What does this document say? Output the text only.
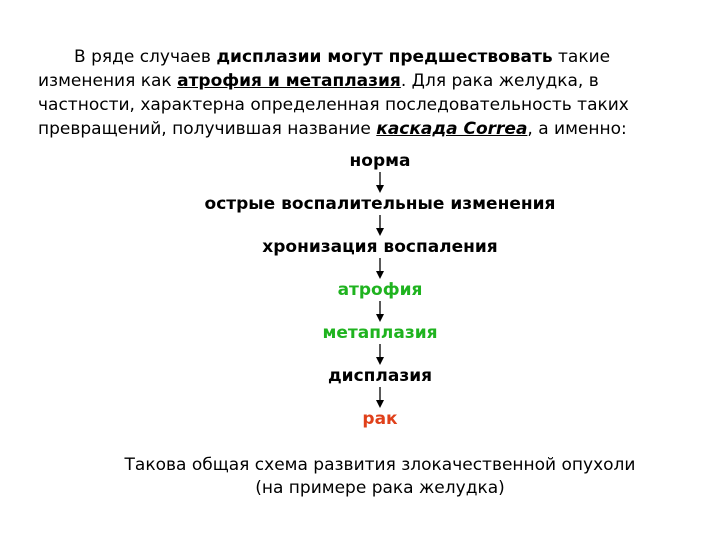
В ряде случаев дисплазии могут предшествовать такие
изменения как атрофия и метаплазия. Для рака желудка, в
частности, характерна определенная последовательность таких
превращений, получившая название каскада Correa, а именно:
норма
острые воспалительные изменения
хронизация воспаления
атрофия
метаплазия
дисплазия
рак
Такова общая схема развития злокачественной опухоли
(на примере рака желудка)
